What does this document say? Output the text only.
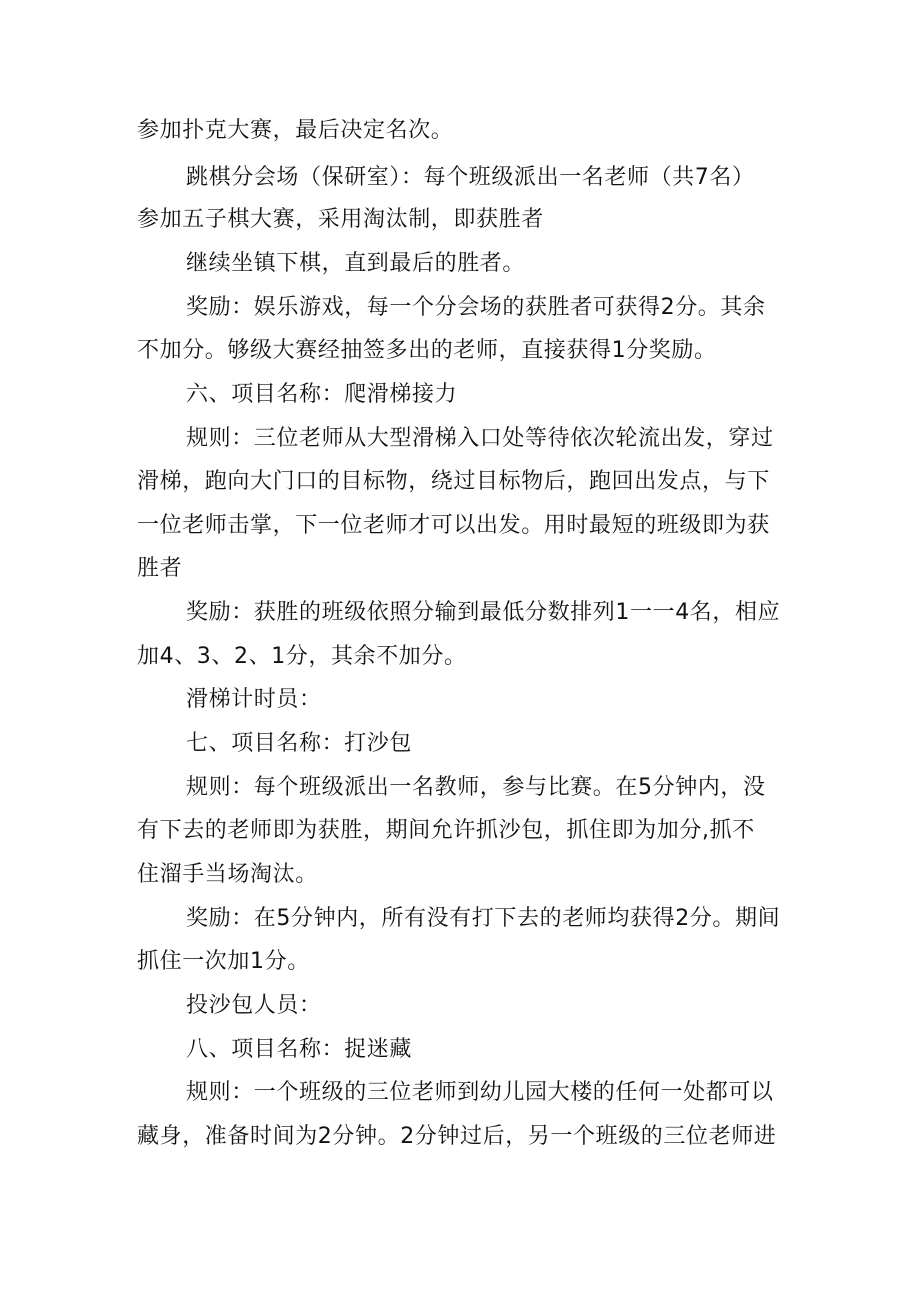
参加扑克大赛，最后决定名次。
跳棋分会场（保研室）：每个班级派出一名老师（共7名）
参加五子棋大赛，采用淘汰制，即获胜者
继续坐镇下棋，直到最后的胜者。
奖励：娱乐游戏，每一个分会场的获胜者可获得2分。其余
不加分。够级大赛经抽签多出的老师，直接获得1分奖励。
六、项目名称：爬滑梯接力
规则：三位老师从大型滑梯入口处等待依次轮流出发，穿过
滑梯，跑向大门口的目标物，绕过目标物后，跑回出发点，与下
一位老师击掌，下一位老师才可以出发。用时最短的班级即为获
胜者
奖励：获胜的班级依照分输到最低分数排列1一一4名，相应
加4、3、2、1分，其余不加分。
滑梯计时员：
七、项目名称：打沙包
规则：每个班级派出一名教师，参与比赛。在5分钟内，没
有下去的老师即为获胜，期间允许抓沙包，抓住即为加分,抓不
住溜手当场淘汰。
奖励：在5分钟内，所有没有打下去的老师均获得2分。期间
抓住一次加1分。
投沙包人员：
八、项目名称：捉迷藏
规则：一个班级的三位老师到幼儿园大楼的任何一处都可以
藏身，准备时间为2分钟。2分钟过后，另一个班级的三位老师进
